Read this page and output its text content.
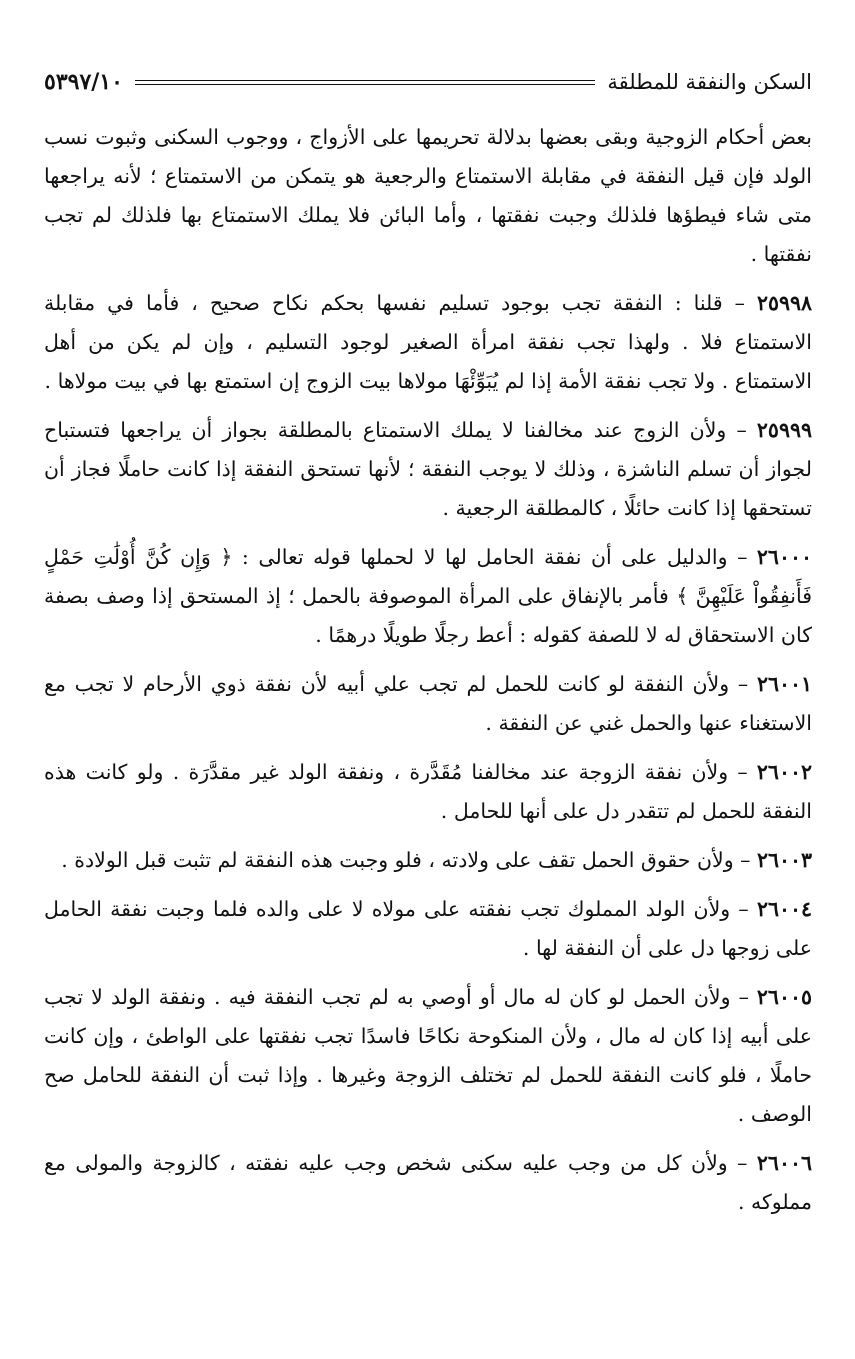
السكن والنفقة للمطلقة
٥٣٩٧/١٠

بعض أحكام الزوجية وبقى بعضها بدلالة تحريمها على الأزواج ، ووجوب السكنى وثبوت نسب الولد فإن قيل النفقة في مقابلة الاستمتاع والرجعية هو يتمكن من الاستمتاع ؛ لأنه يراجعها متى شاء فيطؤها فلذلك وجبت نفقتها ، وأما البائن فلا يملك الاستمتاع بها فلذلك لم تجب نفقتها .

٢٥٩٩٨ – قلنا : النفقة تجب بوجود تسليم نفسها بحكم نكاح صحيح ، فأما في مقابلة الاستمتاع فلا . ولهذا تجب نفقة امرأة الصغير لوجود التسليم ، وإن لم يكن من أهل الاستمتاع . ولا تجب نفقة الأمة إذا لم يُبَوِّئْهَا مولاها بيت الزوج إن استمتع بها في بيت مولاها .

٢٥٩٩٩ – ولأن الزوج عند مخالفنا لا يملك الاستمتاع بالمطلقة بجواز أن يراجعها فتستباح لجواز أن تسلم الناشزة ، وذلك لا يوجب النفقة ؛ لأنها تستحق النفقة إذا كانت حاملًا فجاز أن تستحقها إذا كانت حائلًا ، كالمطلقة الرجعية .

٢٦٠٠٠ – والدليل على أن نفقة الحامل لها لا لحملها قوله تعالى : ﴿ وَإِن كُنَّ أُوْلَٰتِ حَمْلٍ فَأَنفِقُواْ عَلَيْهِنَّ ﴾ فأمر بالإنفاق على المرأة الموصوفة بالحمل ؛ إذ المستحق إذا وصف بصفة كان الاستحقاق له لا للصفة كقوله : أعط رجلًا طويلًا درهمًا .

٢٦٠٠١ – ولأن النفقة لو كانت للحمل لم تجب علي أبيه لأن نفقة ذوي الأرحام لا تجب مع الاستغناء عنها والحمل غني عن النفقة .

٢٦٠٠٢ – ولأن نفقة الزوجة عند مخالفنا مُقَدَّرة ، ونفقة الولد غير مقدَّرَة . ولو كانت هذه النفقة للحمل لم تتقدر دل على أنها للحامل .

٢٦٠٠٣ – ولأن حقوق الحمل تقف على ولادته ، فلو وجبت هذه النفقة لم تثبت قبل الولادة .

٢٦٠٠٤ – ولأن الولد المملوك تجب نفقته على مولاه لا على والده فلما وجبت نفقة الحامل على زوجها دل على أن النفقة لها .

٢٦٠٠٥ – ولأن الحمل لو كان له مال أو أوصي به لم تجب النفقة فيه . ونفقة الولد لا تجب على أبيه إذا كان له مال ، ولأن المنكوحة نكاحًا فاسدًا تجب نفقتها على الواطئ ، وإن كانت حاملًا ، فلو كانت النفقة للحمل لم تختلف الزوجة وغيرها . وإذا ثبت أن النفقة للحامل صح الوصف .

٢٦٠٠٦ – ولأن كل من وجب عليه سكنى شخص وجب عليه نفقته ، كالزوجة والمولى مع مملوكه .
